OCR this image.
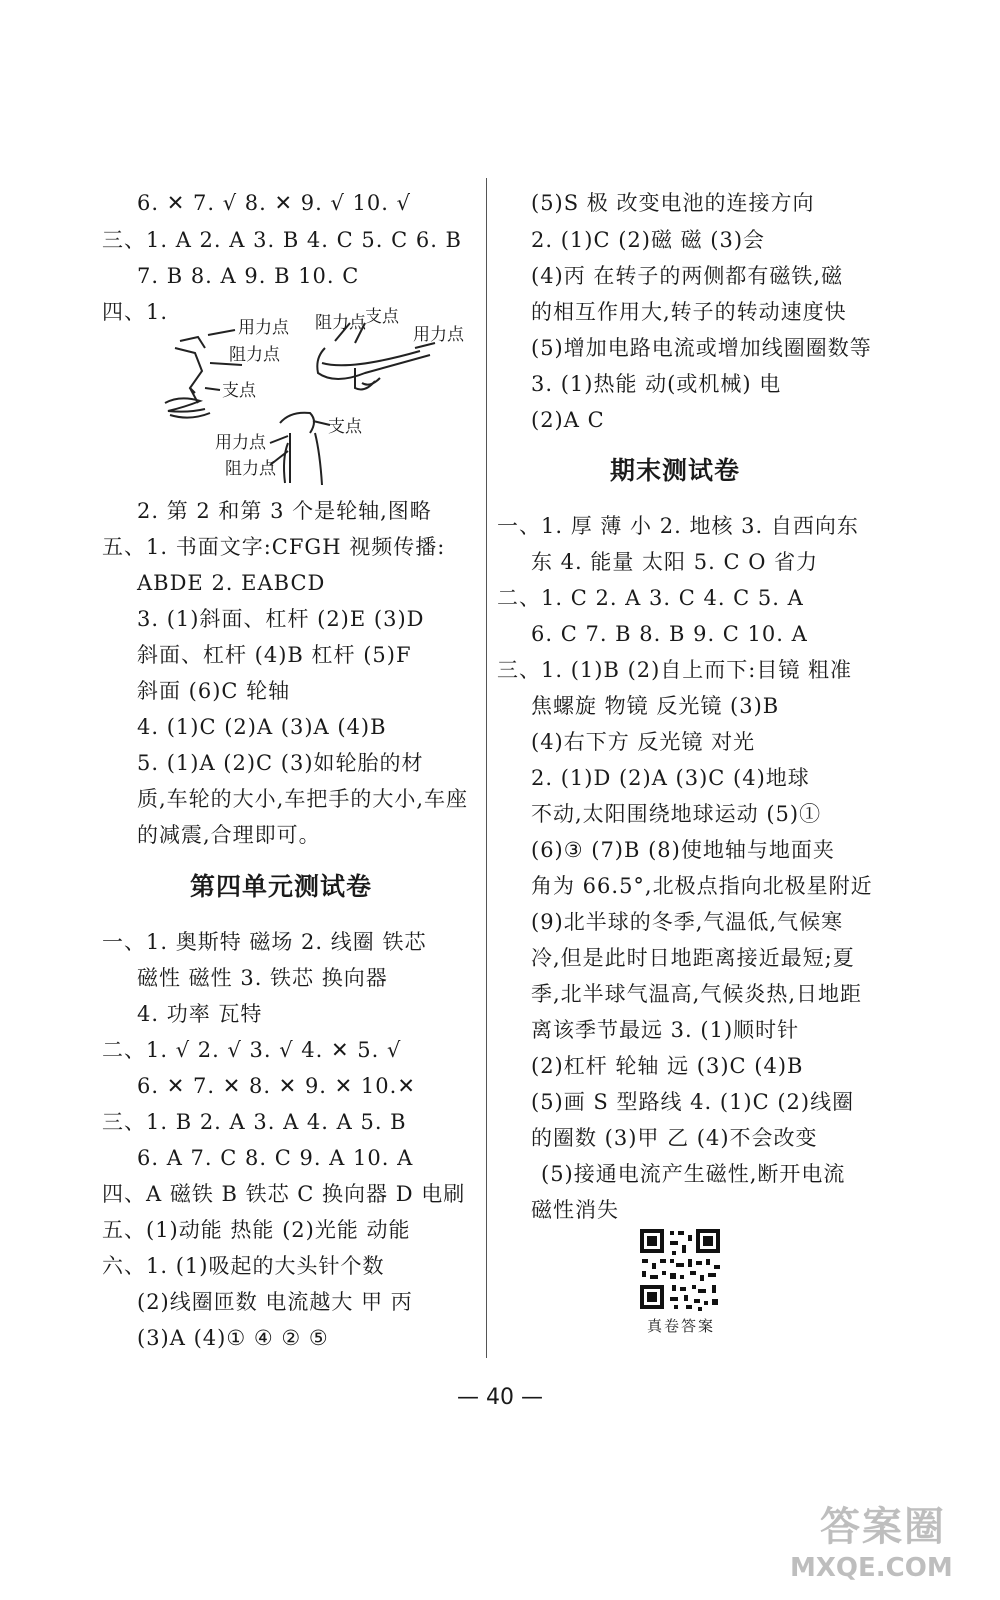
6. ✕ 7. √ 8. ✕ 9. √ 10. √
三、1. A 2. A 3. B 4. C 5. C 6. B
7. B 8. A 9. B 10. C
四、1.
用力点
阻力点
支点
阻力点 支点
用力点
支点
用力点
阻力点
2. 第 2 和第 3 个是轮轴,图略
五、1. 书面文字:CFGH 视频传播:
ABDE 2. EABCD
3. (1)斜面、杠杆 (2)E (3)D
斜面、杠杆 (4)B 杠杆 (5)F
斜面 (6)C 轮轴
4. (1)C (2)A (3)A (4)B
5. (1)A (2)C (3)如轮胎的材
质,车轮的大小,车把手的大小,车座
的减震,合理即可。
第四单元测试卷
一、1. 奥斯特 磁场 2. 线圈 铁芯
磁性 磁性 3. 铁芯 换向器
4. 功率 瓦特
二、1. √ 2. √ 3. √ 4. ✕ 5. √
6. ✕ 7. ✕ 8. ✕ 9. ✕ 10.✕
三、1. B 2. A 3. A 4. A 5. B
6. A 7. C 8. C 9. A 10. A
四、A 磁铁 B 铁芯 C 换向器 D 电刷
五、(1)动能 热能 (2)光能 动能
六、1. (1)吸起的大头针个数
(2)线圈匝数 电流越大 甲 丙
(3)A (4)① ④ ② ⑤
(5)S 极 改变电池的连接方向
2. (1)C (2)磁 磁 (3)会
(4)丙 在转子的两侧都有磁铁,磁
的相互作用大,转子的转动速度快
(5)增加电路电流或增加线圈圈数等
3. (1)热能 动(或机械) 电
(2)A C
期末测试卷
一、1. 厚 薄 小 2. 地核 3. 自西向东
东 4. 能量 太阳 5. C O 省力
二、1. C 2. A 3. C 4. C 5. A
6. C 7. B 8. B 9. C 10. A
三、1. (1)B (2)自上而下:目镜 粗准
焦螺旋 物镜 反光镜 (3)B
(4)右下方 反光镜 对光
2. (1)D (2)A (3)C (4)地球
不动,太阳围绕地球运动 (5)①
(6)③ (7)B (8)使地轴与地面夹
角为 66.5°,北极点指向北极星附近
(9)北半球的冬季,气温低,气候寒
冷,但是此时日地距离接近最短;夏
季,北半球气温高,气候炎热,日地距
离该季节最远 3. (1)顺时针
(2)杠杆 轮轴 远 (3)C (4)B
(5)画 S 型路线 4. (1)C (2)线圈
的圈数 (3)甲 乙 (4)不会改变
(5)接通电流产生磁性,断开电流
磁性消失
真卷答案
— 40 —
答案圈
MXQE.COM
